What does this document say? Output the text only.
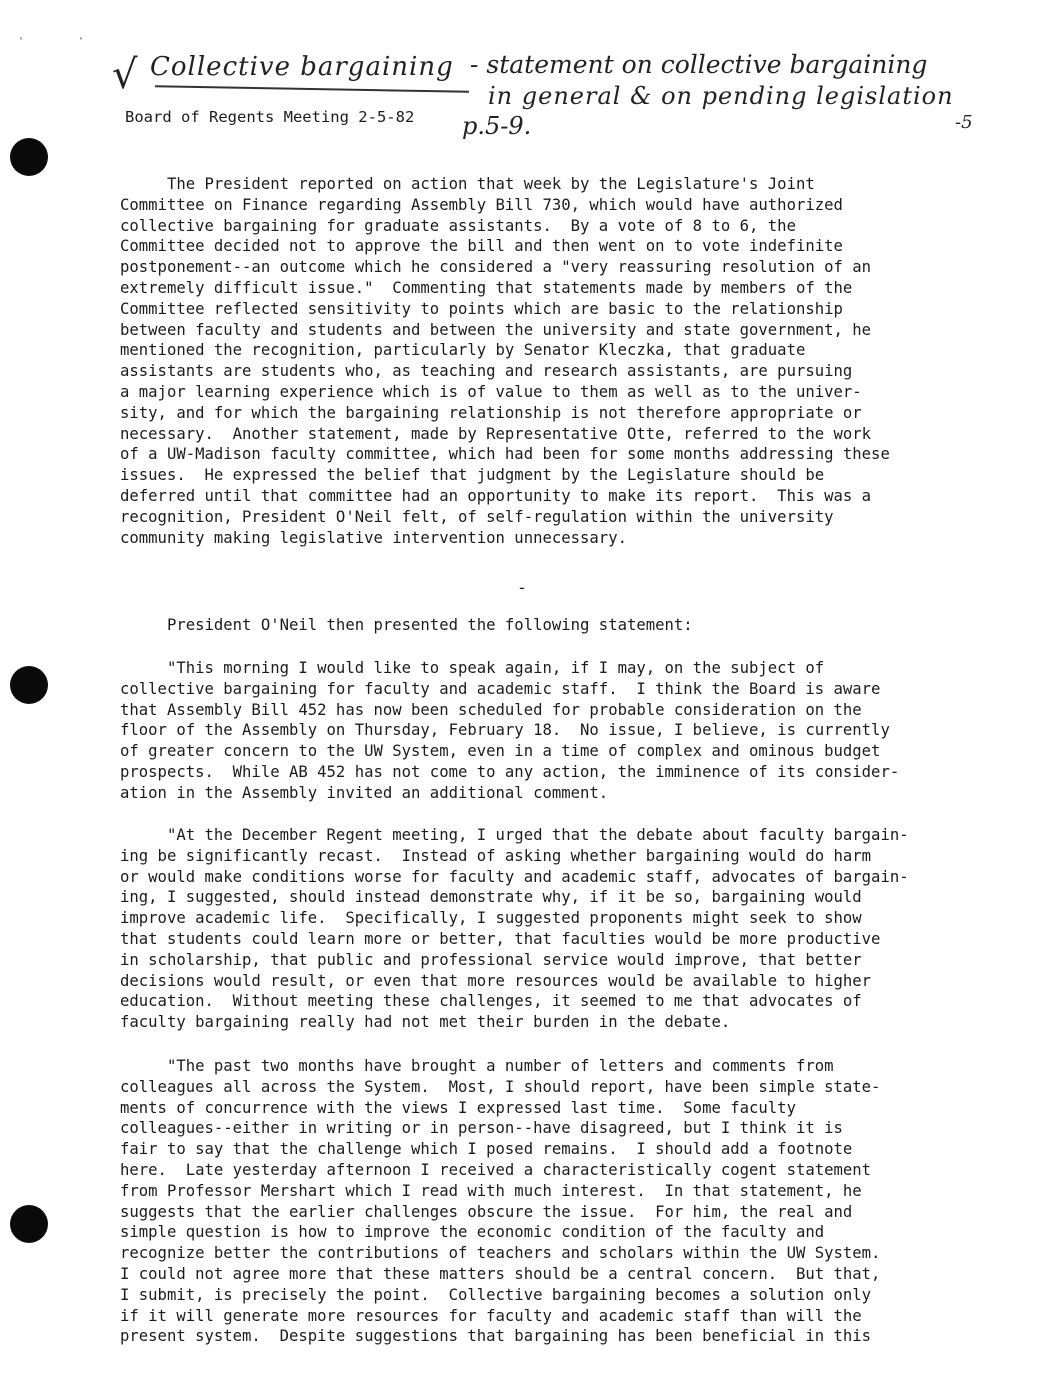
'	'
√ Collective bargaining - statement on collective bargaining
in general & on pending legislation
p.5-9.	-5
Board of Regents Meeting 2-5-82
The President reported on action that week by the Legislature's Joint
Committee on Finance regarding Assembly Bill 730, which would have authorized
collective bargaining for graduate assistants.  By a vote of 8 to 6, the
Committee decided not to approve the bill and then went on to vote indefinite
postponement--an outcome which he considered a "very reassuring resolution of an
extremely difficult issue."  Commenting that statements made by members of the
Committee reflected sensitivity to points which are basic to the relationship
between faculty and students and between the university and state government, he
mentioned the recognition, particularly by Senator Kleczka, that graduate
assistants are students who, as teaching and research assistants, are pursuing
a major learning experience which is of value to them as well as to the univer-
sity, and for which the bargaining relationship is not therefore appropriate or
necessary.  Another statement, made by Representative Otte, referred to the work
of a UW-Madison faculty committee, which had been for some months addressing these
issues.  He expressed the belief that judgment by the Legislature should be
deferred until that committee had an opportunity to make its report.  This was a
recognition, President O'Neil felt, of self-regulation within the university
community making legislative intervention unnecessary.
-
President O'Neil then presented the following statement:
"This morning I would like to speak again, if I may, on the subject of
collective bargaining for faculty and academic staff.  I think the Board is aware
that Assembly Bill 452 has now been scheduled for probable consideration on the
floor of the Assembly on Thursday, February 18.  No issue, I believe, is currently
of greater concern to the UW System, even in a time of complex and ominous budget
prospects.  While AB 452 has not come to any action, the imminence of its consider-
ation in the Assembly invited an additional comment.
"At the December Regent meeting, I urged that the debate about faculty bargain-
ing be significantly recast.  Instead of asking whether bargaining would do harm
or would make conditions worse for faculty and academic staff, advocates of bargain-
ing, I suggested, should instead demonstrate why, if it be so, bargaining would
improve academic life.  Specifically, I suggested proponents might seek to show
that students could learn more or better, that faculties would be more productive
in scholarship, that public and professional service would improve, that better
decisions would result, or even that more resources would be available to higher
education.  Without meeting these challenges, it seemed to me that advocates of
faculty bargaining really had not met their burden in the debate.
"The past two months have brought a number of letters and comments from
colleagues all across the System.  Most, I should report, have been simple state-
ments of concurrence with the views I expressed last time.  Some faculty
colleagues--either in writing or in person--have disagreed, but I think it is
fair to say that the challenge which I posed remains.  I should add a footnote
here.  Late yesterday afternoon I received a characteristically cogent statement
from Professor Mershart which I read with much interest.  In that statement, he
suggests that the earlier challenges obscure the issue.  For him, the real and
simple question is how to improve the economic condition of the faculty and
recognize better the contributions of teachers and scholars within the UW System.
I could not agree more that these matters should be a central concern.  But that,
I submit, is precisely the point.  Collective bargaining becomes a solution only
if it will generate more resources for faculty and academic staff than will the
present system.  Despite suggestions that bargaining has been beneficial in this
